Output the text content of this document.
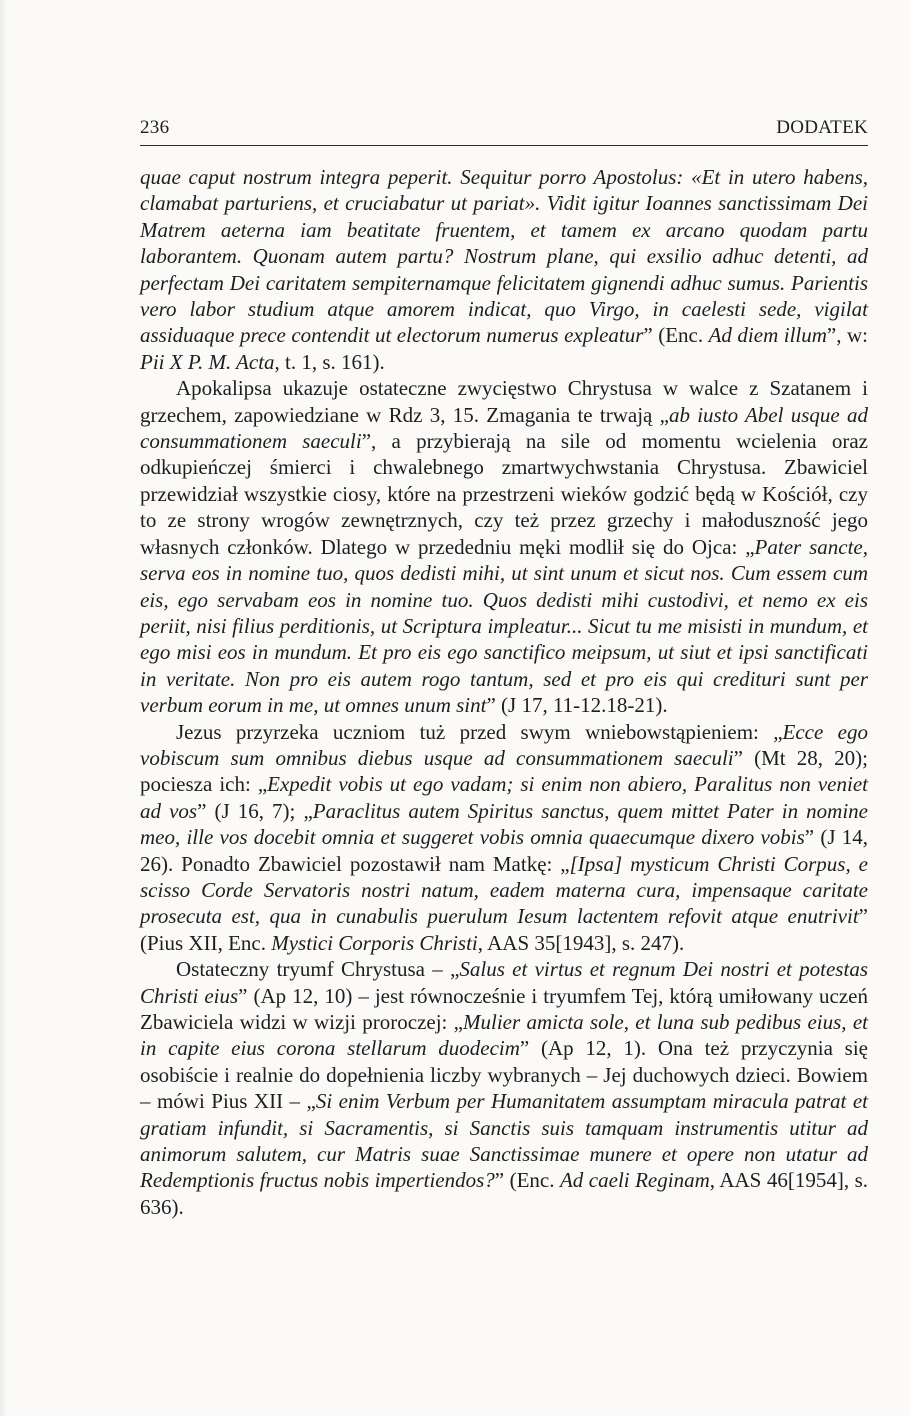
236	DODATEK

quae caput nostrum integra peperit. Sequitur porro Apostolus: «Et in utero habens, clamabat parturiens, et cruciabatur ut pariat». Vidit igitur Ioannes sanctissimam Dei Matrem aeterna iam beatitate fruentem, et tamem ex arcano quodam partu laborantem. Quonam autem partu? Nostrum plane, qui exsilio adhuc detenti, ad perfectam Dei caritatem sempiternamque felicitatem gignendi adhuc sumus. Parientis vero labor studium atque amorem indicat, quo Virgo, in caelesti sede, vigilat assiduaque prece contendit ut electorum numerus expleatur” (Enc. Ad diem illum”, w: Pii X P. M. Acta, t. 1, s. 161).

Apokalipsa ukazuje ostateczne zwycięstwo Chrystusa w walce z Szatanem i grzechem, zapowiedziane w Rdz 3, 15. Zmagania te trwają „ab iusto Abel usque ad consummationem saeculi”, a przybierają na sile od momentu wcielenia oraz odkupieńczej śmierci i chwalebnego zmartwychwstania Chrystusa. Zbawiciel przewidział wszystkie ciosy, które na przestrzeni wieków godzić będą w Kościół, czy to ze strony wrogów zewnętrznych, czy też przez grzechy i małoduszność jego własnych członków. Dlatego w przededniu męki modlił się do Ojca: „Pater sancte, serva eos in nomine tuo, quos dedisti mihi, ut sint unum et sicut nos. Cum essem cum eis, ego servabam eos in nomine tuo. Quos dedisti mihi custodivi, et nemo ex eis periit, nisi filius perditionis, ut Scriptura impleatur... Sicut tu me misisti in mundum, et ego misi eos in mundum. Et pro eis ego sanctifico meipsum, ut siut et ipsi sanctificati in veritate. Non pro eis autem rogo tantum, sed et pro eis qui credituri sunt per verbum eorum in me, ut omnes unum sint” (J 17, 11-12.18-21).

Jezus przyrzeka uczniom tuż przed swym wniebowstąpieniem: „Ecce ego vobiscum sum omnibus diebus usque ad consummationem saeculi” (Mt 28, 20); pociesza ich: „Expedit vobis ut ego vadam; si enim non abiero, Paralitus non veniet ad vos” (J 16, 7); „Paraclitus autem Spiritus sanctus, quem mittet Pater in nomine meo, ille vos docebit omnia et suggeret vobis omnia quaecumque dixero vobis” (J 14, 26). Ponadto Zbawiciel pozostawił nam Matkę: „[Ipsa] mysticum Christi Corpus, e scisso Corde Servatoris nostri natum, eadem materna cura, impensaque caritate prosecuta est, qua in cunabulis puerulum Iesum lactentem refovit atque enutrivit” (Pius XII, Enc. Mystici Corporis Christi, AAS 35[1943], s. 247).

Ostateczny tryumf Chrystusa – „Salus et virtus et regnum Dei nostri et potestas Christi eius” (Ap 12, 10) – jest równocześnie i tryumfem Tej, którą umiłowany uczeń Zbawiciela widzi w wizji proroczej: „Mulier amicta sole, et luna sub pedibus eius, et in capite eius corona stellarum duodecim” (Ap 12, 1). Ona też przyczynia się osobiście i realnie do dopełnienia liczby wybranych – Jej duchowych dzieci. Bowiem – mówi Pius XII – „Si enim Verbum per Humanitatem assumptam miracula patrat et gratiam infundit, si Sacramentis, si Sanctis suis tamquam instrumentis utitur ad animorum salutem, cur Matris suae Sanctissimae munere et opere non utatur ad Redemptionis fructus nobis impertiendos?” (Enc. Ad caeli Reginam, AAS 46[1954], s. 636).
